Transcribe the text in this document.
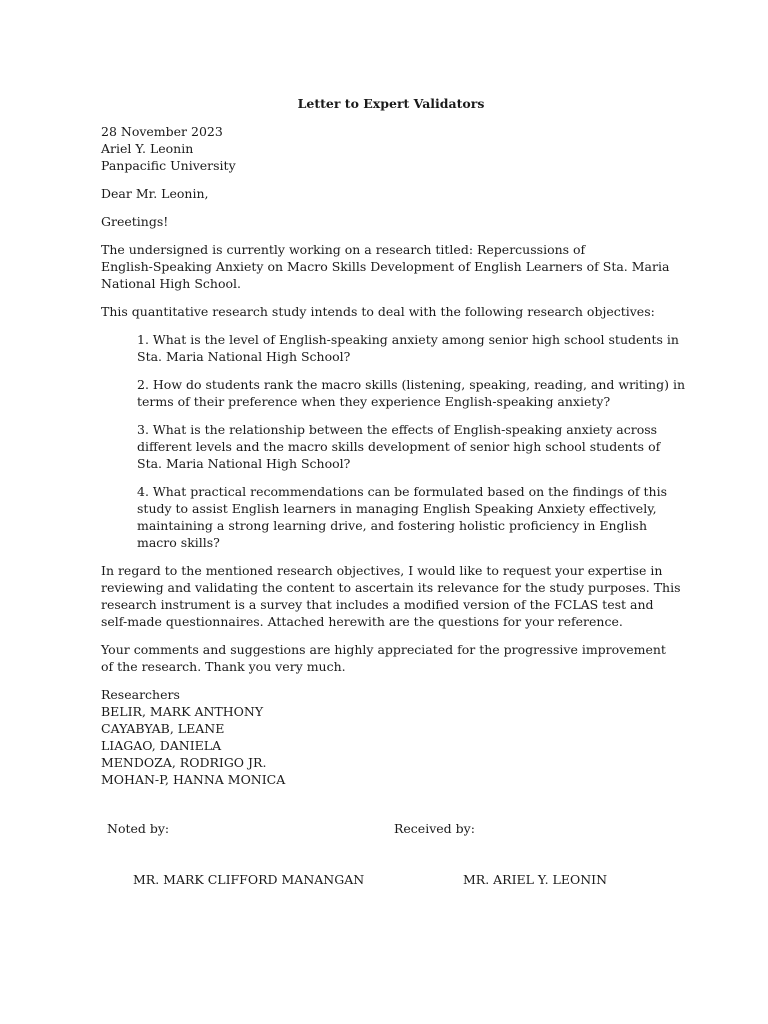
Letter to Expert Validators
28 November 2023
Ariel Y. Leonin
Panpacific University
Dear Mr. Leonin,
Greetings!
The undersigned is currently working on a research titled: Repercussions of
English-Speaking Anxiety on Macro Skills Development of English Learners of Sta. Maria
National High School.
This quantitative research study intends to deal with the following research objectives:
1. What is the level of English-speaking anxiety among senior high school students in
Sta. Maria National High School?
2. How do students rank the macro skills (listening, speaking, reading, and writing) in
terms of their preference when they experience English-speaking anxiety?
3. What is the relationship between the effects of English-speaking anxiety across
different levels and the macro skills development of senior high school students of
Sta. Maria National High School?
4. What practical recommendations can be formulated based on the findings of this
study to assist English learners in managing English Speaking Anxiety effectively,
maintaining a strong learning drive, and fostering holistic proficiency in English
macro skills?
In regard to the mentioned research objectives, I would like to request your expertise in
reviewing and validating the content to ascertain its relevance for the study purposes. This
research instrument is a survey that includes a modified version of the FCLAS test and
self-made questionnaires. Attached herewith are the questions for your reference.
Your comments and suggestions are highly appreciated for the progressive improvement
of the research. Thank you very much.
Researchers
BELIR, MARK ANTHONY
CAYABYAB, LEANE
LIAGAO, DANIELA
MENDOZA, RODRIGO JR.
MOHAN-P, HANNA MONICA
Noted by:	Received by:
MR. MARK CLIFFORD MANANGAN	MR. ARIEL Y. LEONIN
